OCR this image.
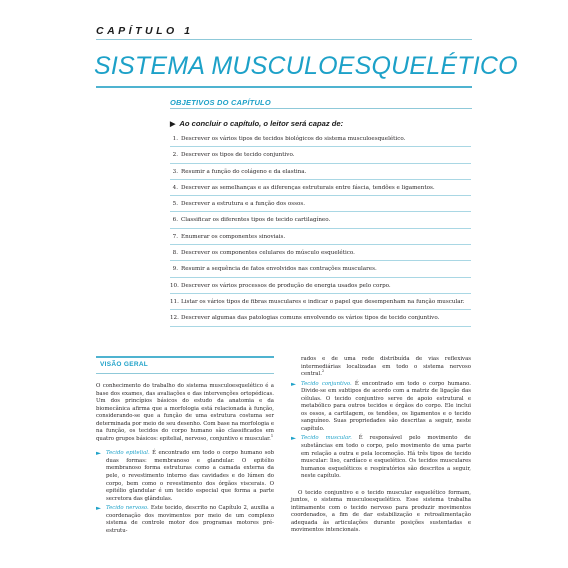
CAPÍTULO 1
SISTEMA MUSCULOESQUELÉTICO
OBJETIVOS DO CAPÍTULO
▶ Ao concluir o capítulo, o leitor será capaz de:
1. Descrever os vários tipos de tecidos biológicos do sistema musculoesquelético.
2. Descrever os tipos de tecido conjuntivo.
3. Resumir a função do colágeno e da elastina.
4. Descrever as semelhanças e as diferenças estruturais entre fáscia, tendões e ligamentos.
5. Descrever a estrutura e a função dos ossos.
6. Classificar os diferentes tipos de tecido cartilagíneo.
7. Enumerar os componentes sinoviais.
8. Descrever os componentes celulares do músculo esquelético.
9. Resumir a sequência de fatos envolvidos nas contrações musculares.
10. Descrever os vários processos de produção de energia usados pelo corpo.
11. Listar os vários tipos de fibras musculares e indicar o papel que desempenham na função muscular.
12. Descrever algumas das patologias comuns envolvendo os vários tipos de tecido conjuntivo.
VISÃO GERAL

O conhecimento do trabalho do sistema musculoesquelético é a base dos exames, das avaliações e das intervenções ortopédicas. Um dos princípios básicos do estudo da anatomia e da biomecânica afirma que a morfologia está relacionada à função, considerando-se que a função de uma estrutura costuma ser determinada por meio de seu desenho. Com base na morfologia e na função, os tecidos do corpo humano são classificados em quatro grupos básicos: epitelial, nervoso, conjuntivo e muscular.$^1$

► Tecido epitelial. É encontrado em todo o corpo humano sob duas formas: membranoso e glandular. O epitélio membranoso forma estruturas como a camada externa da pele, o revestimento interno das cavidades e do lúmen do corpo, bem como o revestimento dos órgãos viscerais. O epitélio glandular é um tecido especial que forma a parte secretora das glândulas.
► Tecido nervoso. Este tecido, descrito no Capítulo 2, auxilia a coordenação dos movimentos por meio de um complexo sistema de controle motor dos programas motores pré-estrutu-

rados e de uma rede distribuída de vias reflexivas intermediárias localizadas em todo o sistema nervoso central.$^2$

► Tecido conjuntivo. É encontrado em todo o corpo humano. Divide-se em subtipos de acordo com a matriz de ligação das células. O tecido conjuntivo serve de apoio estrutural e metabólico para outros tecidos e órgãos do corpo. Ele inclui os ossos, a cartilagem, os tendões, os ligamentos e o tecido sanguíneo. Suas propriedades são descritas a seguir, neste capítulo.
► Tecido muscular. É responsável pelo movimento de substâncias em todo o corpo, pelo movimento de uma parte em relação a outra e pela locomoção. Há três tipos de tecido muscular: liso, cardíaco e esquelético. Os tecidos musculares humanos esqueléticos e respiratórios são descritos a seguir, neste capítulo.

O tecido conjuntivo e o tecido muscular esquelético formam, juntos, o sistema musculoesquelético. Esse sistema trabalha intimamente com o tecido nervoso para produzir movimentos coordenados, a fim de dar estabilização e retroalimentação adequada às articulações durante posições sustentadas e movimentos intencionais.
